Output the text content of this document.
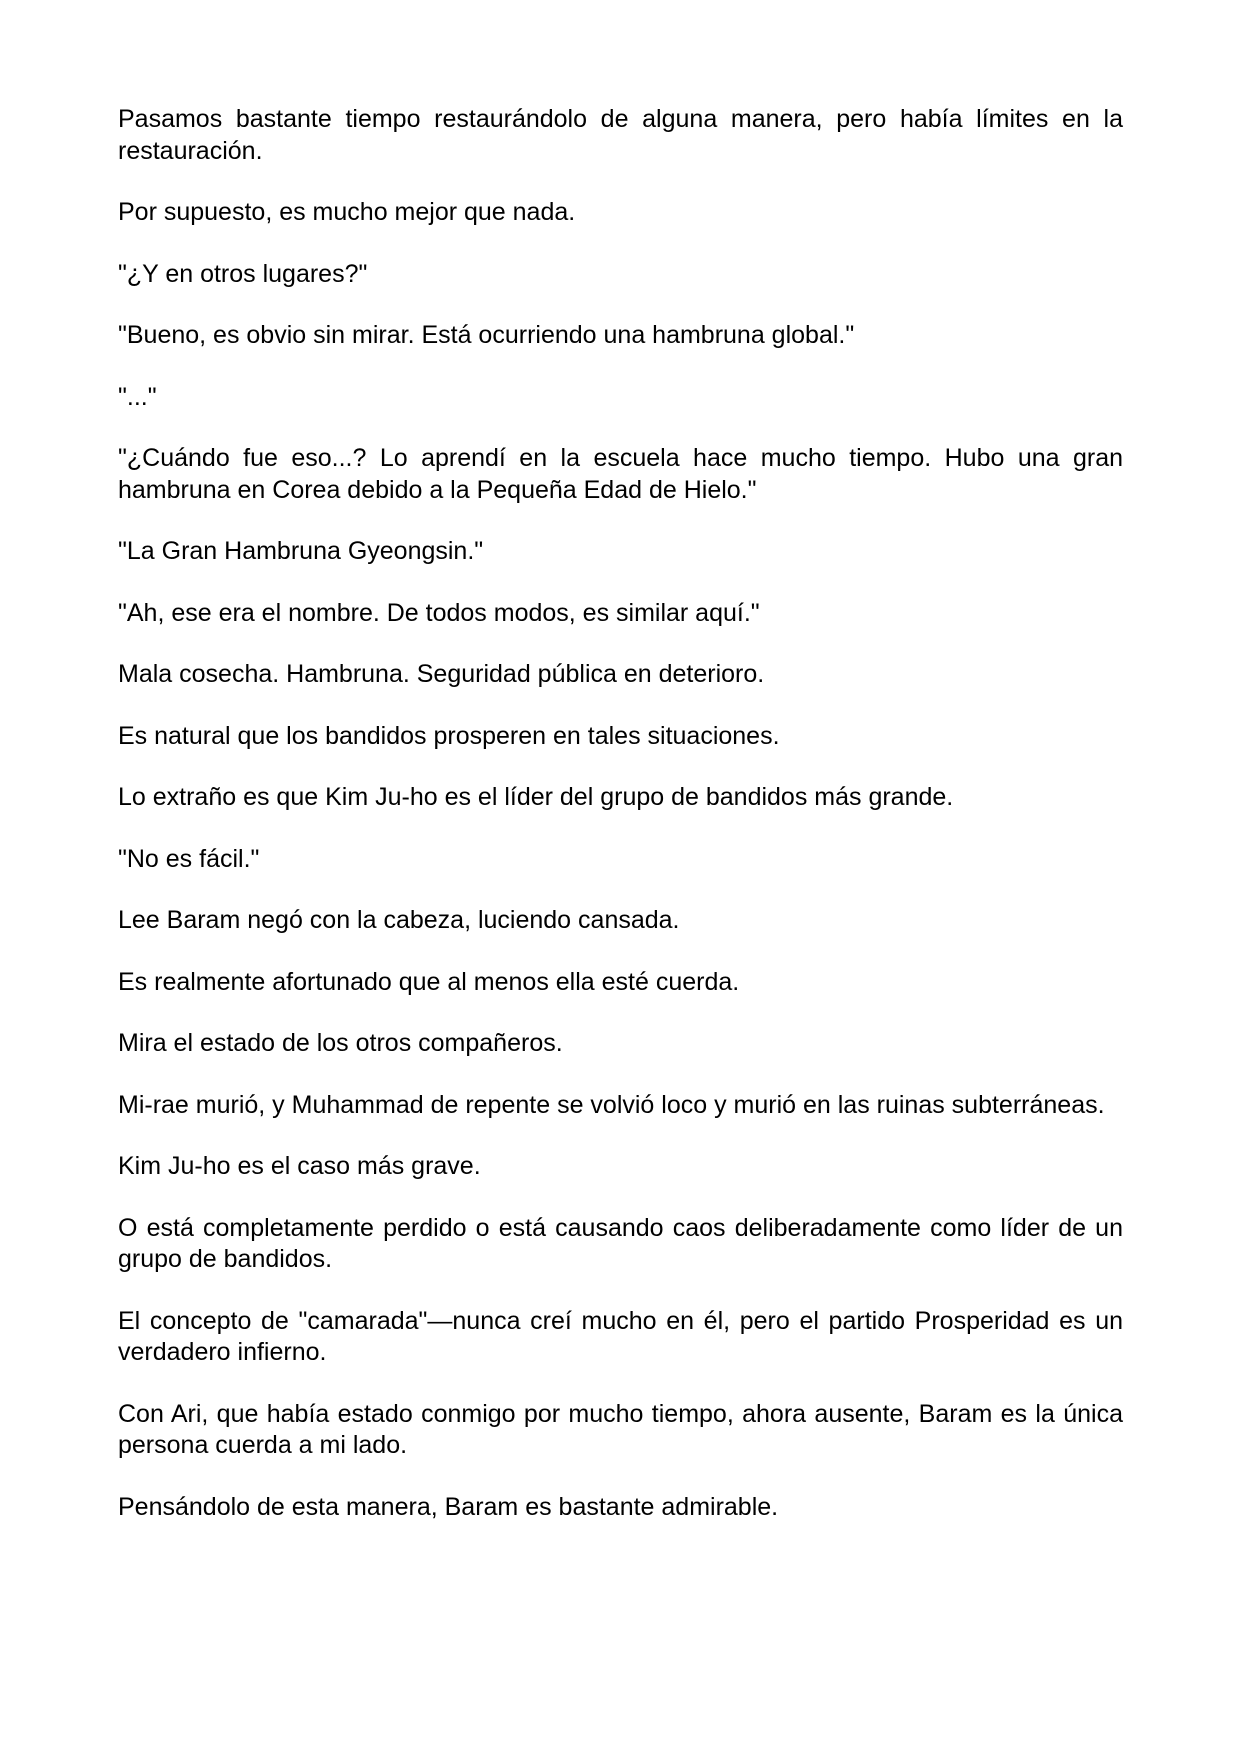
Pasamos bastante tiempo restaurándolo de alguna manera, pero había límites en la restauración.

Por supuesto, es mucho mejor que nada.

"¿Y en otros lugares?"

"Bueno, es obvio sin mirar. Está ocurriendo una hambruna global."

"..."

"¿Cuándo fue eso...? Lo aprendí en la escuela hace mucho tiempo. Hubo una gran hambruna en Corea debido a la Pequeña Edad de Hielo."

"La Gran Hambruna Gyeongsin."

"Ah, ese era el nombre. De todos modos, es similar aquí."

Mala cosecha. Hambruna. Seguridad pública en deterioro.

Es natural que los bandidos prosperen en tales situaciones.

Lo extraño es que Kim Ju-ho es el líder del grupo de bandidos más grande.

"No es fácil."

Lee Baram negó con la cabeza, luciendo cansada.

Es realmente afortunado que al menos ella esté cuerda.

Mira el estado de los otros compañeros.

Mi-rae murió, y Muhammad de repente se volvió loco y murió en las ruinas subterráneas.

Kim Ju-ho es el caso más grave.

O está completamente perdido o está causando caos deliberadamente como líder de un grupo de bandidos.

El concepto de "camarada"—nunca creí mucho en él, pero el partido Prosperidad es un verdadero infierno.

Con Ari, que había estado conmigo por mucho tiempo, ahora ausente, Baram es la única persona cuerda a mi lado.

Pensándolo de esta manera, Baram es bastante admirable.
